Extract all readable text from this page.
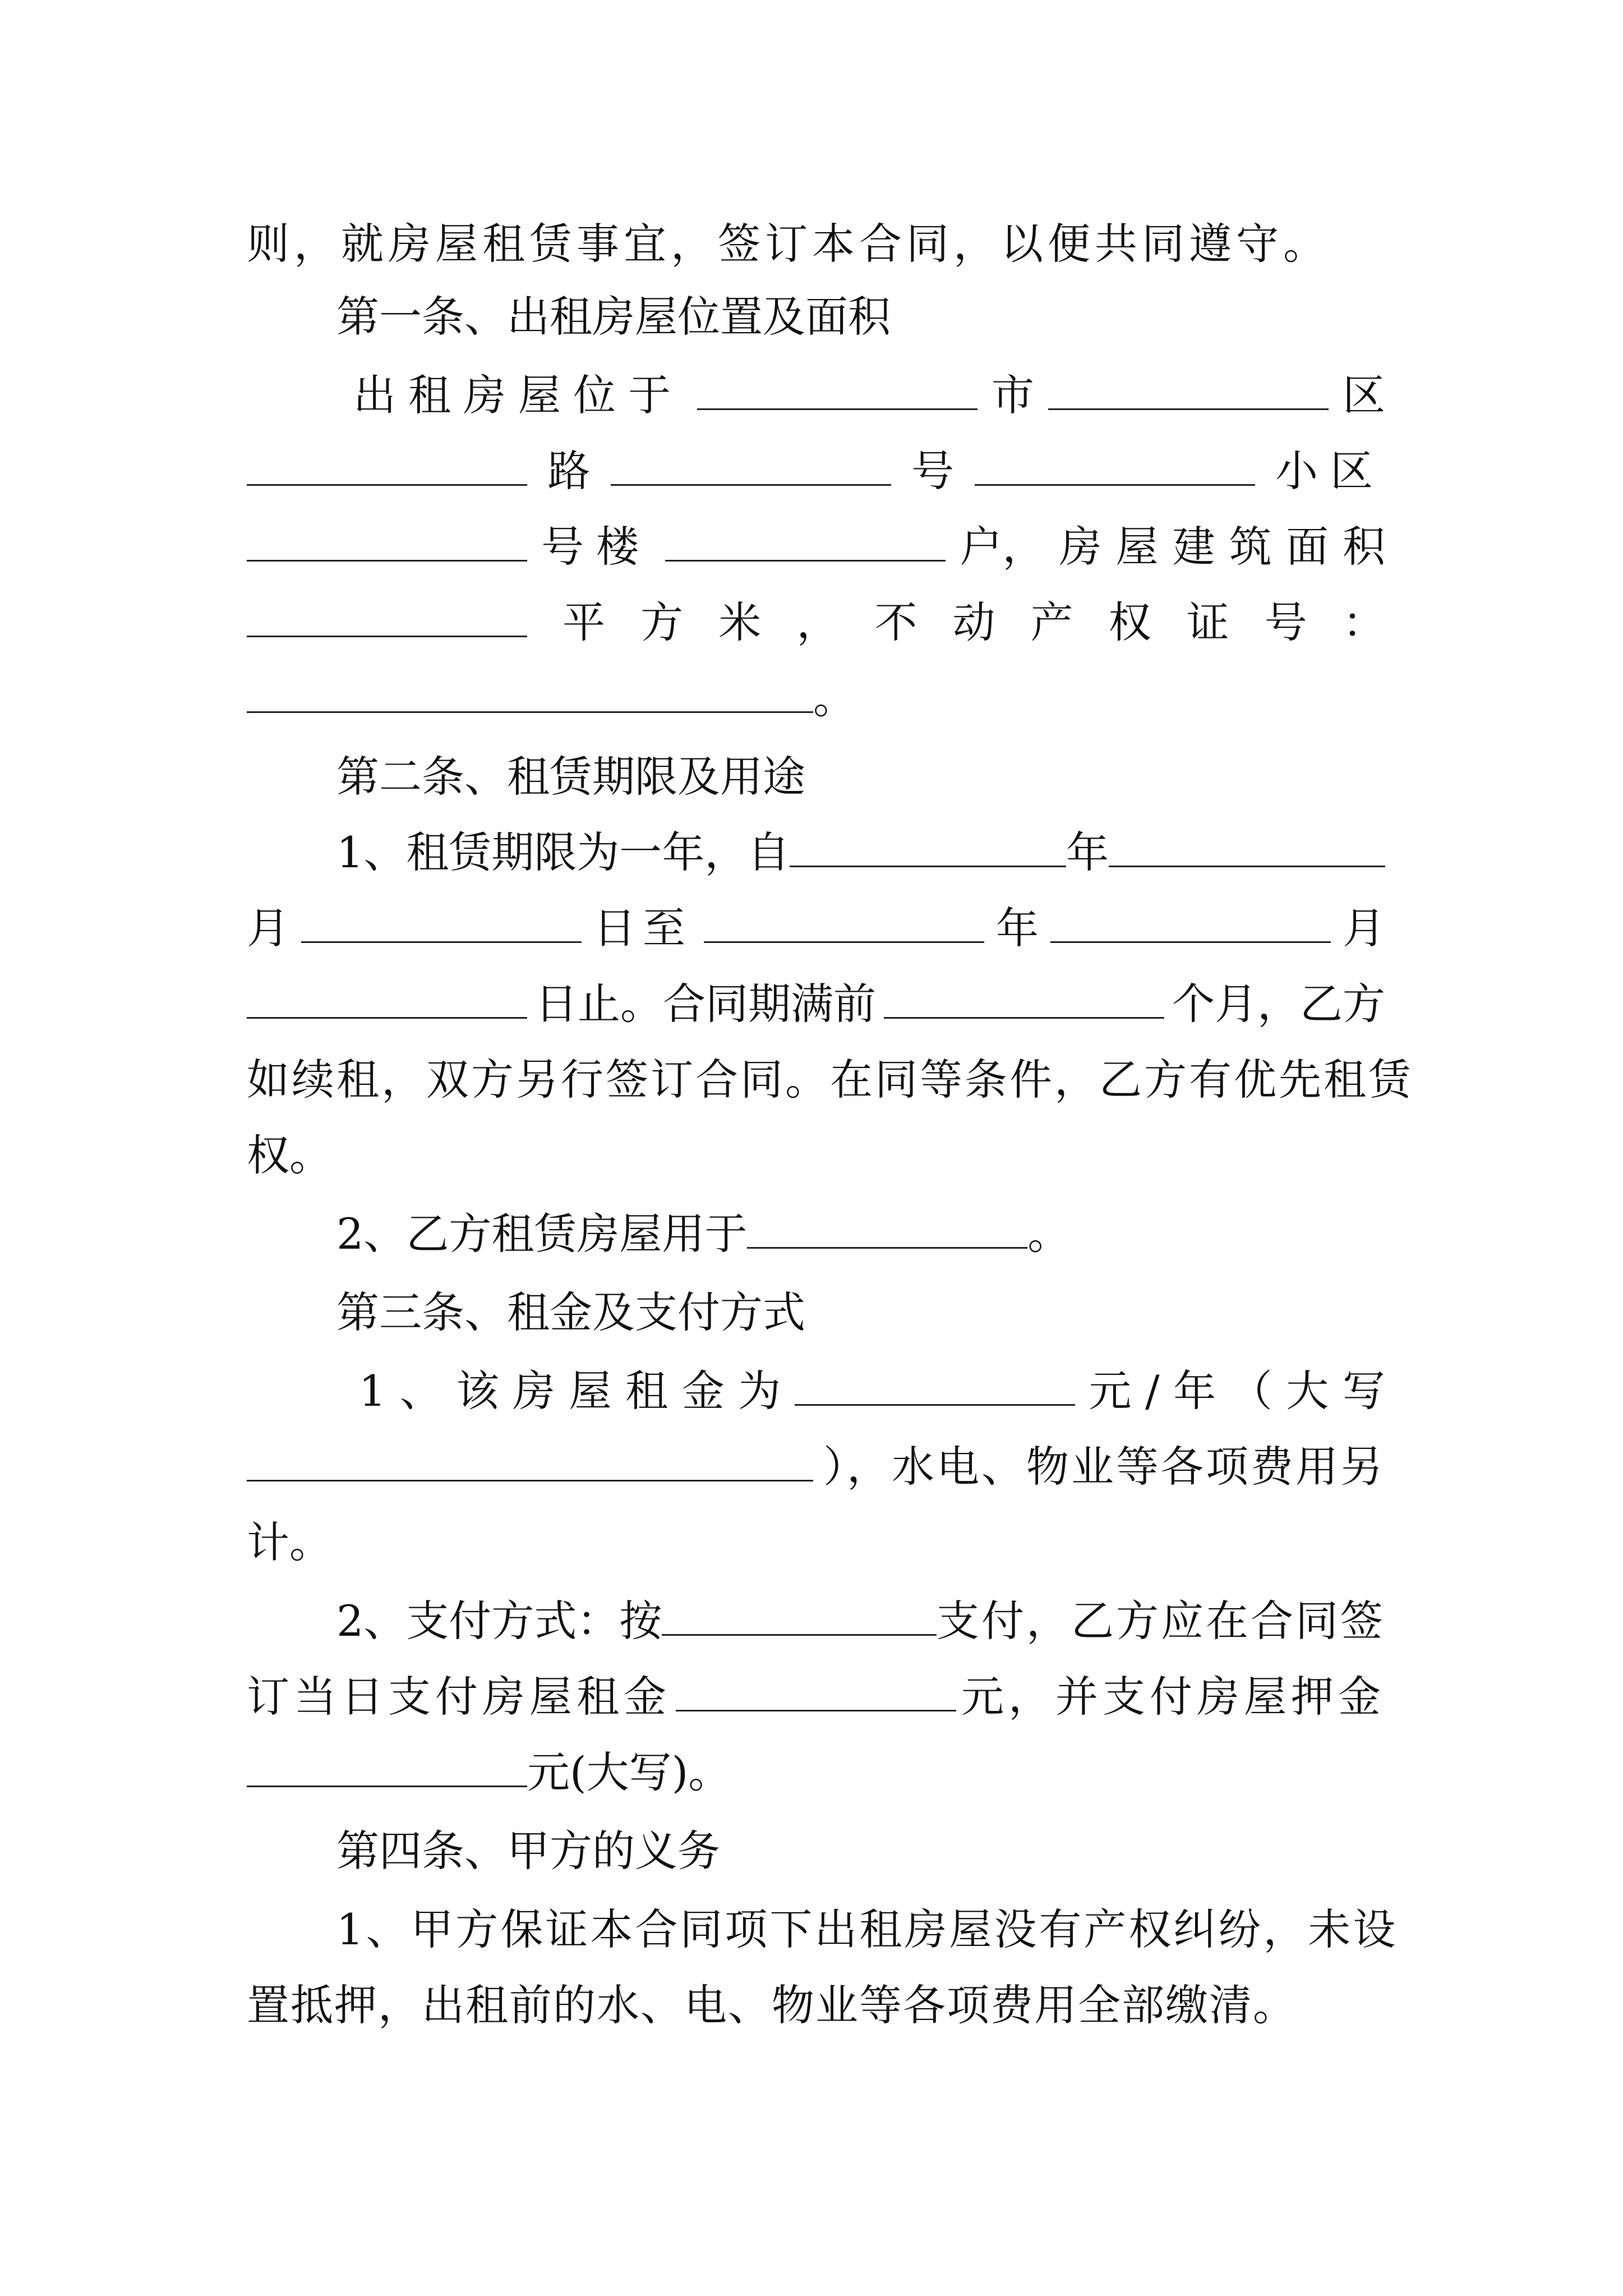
则，就房屋租赁事宜，签订本合同，以便共同遵守。
第一条、出租房屋位置及面积
出租房屋位于	市	区
路	号	小区
号楼	户， 房 屋 建 筑 面 积
平 方 米 ， 不 动 产 权 证 号 ：
。
第二条、租赁期限及用途
1、租赁期限为一年，自	年
月	日至	年	月
日止。合同期满前	个月，乙方
如续租，双方另行签订合同。在同等条件，乙方有优先租赁
权。
2、乙方租赁房屋用于	。
第三条、租金及支付方式
1 、 该 房 屋 租 金 为	元 / 年 （ 大 写
），水电、物业等各项费用另
计。
2、支付方式：按	支付，乙方应在合同签
订当日支付房屋租金	元，并支付房屋押金
元(大写)。
第四条、甲方的义务
1、甲方保证本合同项下出租房屋没有产权纠纷，未设
置抵押，出租前的水、电、物业等各项费用全部缴清。
